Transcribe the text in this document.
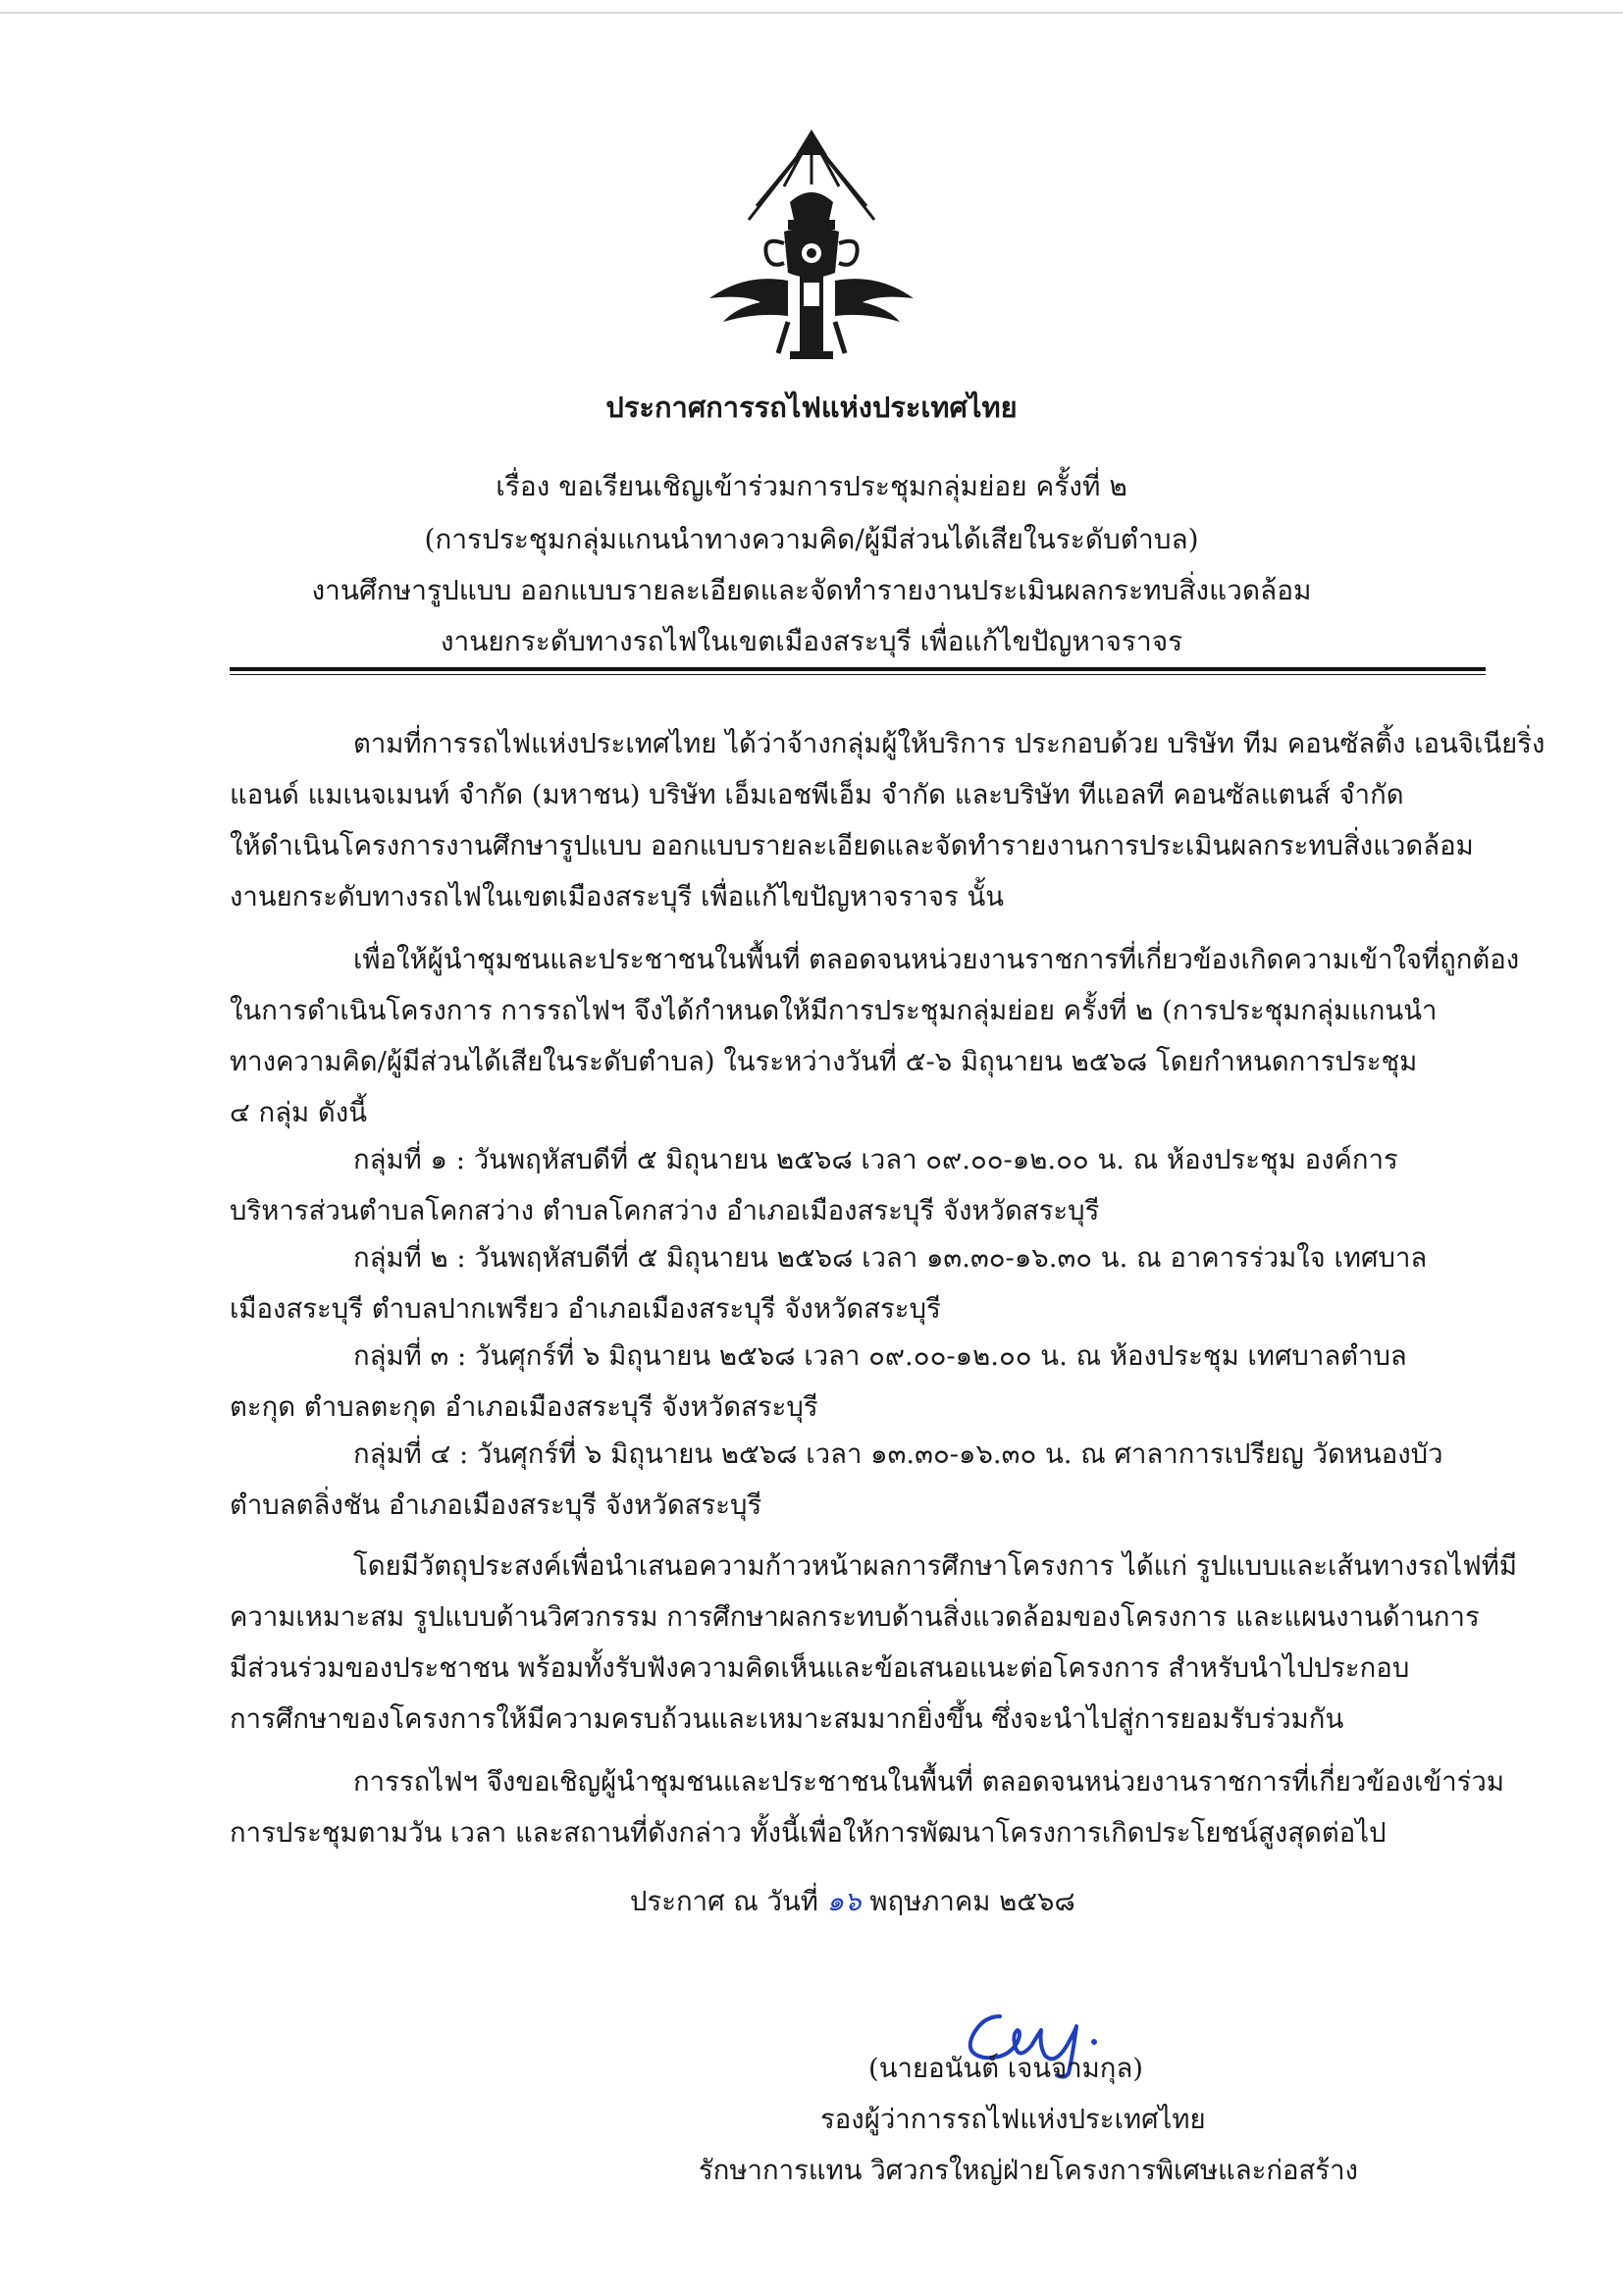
ประกาศการรถไฟแห่งประเทศไทย
เรื่อง ขอเรียนเชิญเข้าร่วมการประชุมกลุ่มย่อย ครั้งที่ ๒
(การประชุมกลุ่มแกนนำทางความคิด/ผู้มีส่วนได้เสียในระดับตำบล)
งานศึกษารูปแบบ ออกแบบรายละเอียดและจัดทำรายงานประเมินผลกระทบสิ่งแวดล้อม
งานยกระดับทางรถไฟในเขตเมืองสระบุรี เพื่อแก้ไขปัญหาจราจร
ตามที่การรถไฟแห่งประเทศไทย ได้ว่าจ้างกลุ่มผู้ให้บริการ ประกอบด้วย บริษัท ทีม คอนซัลติ้ง เอนจิเนียริ่ง
แอนด์ แมเนจเมนท์ จำกัด (มหาชน) บริษัท เอ็มเอชพีเอ็ม จำกัด และบริษัท ทีแอลที คอนซัลแตนส์ จำกัด
ให้ดำเนินโครงการงานศึกษารูปแบบ ออกแบบรายละเอียดและจัดทำรายงานการประเมินผลกระทบสิ่งแวดล้อม
งานยกระดับทางรถไฟในเขตเมืองสระบุรี เพื่อแก้ไขปัญหาจราจร นั้น
เพื่อให้ผู้นำชุมชนและประชาชนในพื้นที่ ตลอดจนหน่วยงานราชการที่เกี่ยวข้องเกิดความเข้าใจที่ถูกต้อง
ในการดำเนินโครงการ การรถไฟฯ จึงได้กำหนดให้มีการประชุมกลุ่มย่อย ครั้งที่ ๒ (การประชุมกลุ่มแกนนำ
ทางความคิด/ผู้มีส่วนได้เสียในระดับตำบล) ในระหว่างวันที่ ๕-๖ มิถุนายน ๒๕๖๘ โดยกำหนดการประชุม
๔ กลุ่ม ดังนี้
กลุ่มที่ ๑ : วันพฤหัสบดีที่ ๕ มิถุนายน ๒๕๖๘ เวลา ๐๙.๐๐-๑๒.๐๐ น. ณ ห้องประชุม องค์การ
บริหารส่วนตำบลโคกสว่าง ตำบลโคกสว่าง อำเภอเมืองสระบุรี จังหวัดสระบุรี
กลุ่มที่ ๒ : วันพฤหัสบดีที่ ๕ มิถุนายน ๒๕๖๘ เวลา ๑๓.๓๐-๑๖.๓๐ น. ณ อาคารร่วมใจ เทศบาล
เมืองสระบุรี ตำบลปากเพรียว อำเภอเมืองสระบุรี จังหวัดสระบุรี
กลุ่มที่ ๓ : วันศุกร์ที่ ๖ มิถุนายน ๒๕๖๘ เวลา ๐๙.๐๐-๑๒.๐๐ น. ณ ห้องประชุม เทศบาลตำบล
ตะกุด ตำบลตะกุด อำเภอเมืองสระบุรี จังหวัดสระบุรี
กลุ่มที่ ๔ : วันศุกร์ที่ ๖ มิถุนายน ๒๕๖๘ เวลา ๑๓.๓๐-๑๖.๓๐ น. ณ ศาลาการเปรียญ วัดหนองบัว
ตำบลตลิ่งชัน อำเภอเมืองสระบุรี จังหวัดสระบุรี
โดยมีวัตถุประสงค์เพื่อนำเสนอความก้าวหน้าผลการศึกษาโครงการ ได้แก่ รูปแบบและเส้นทางรถไฟที่มี
ความเหมาะสม รูปแบบด้านวิศวกรรม การศึกษาผลกระทบด้านสิ่งแวดล้อมของโครงการ และแผนงานด้านการ
มีส่วนร่วมของประชาชน พร้อมทั้งรับฟังความคิดเห็นและข้อเสนอแนะต่อโครงการ สำหรับนำไปประกอบ
การศึกษาของโครงการให้มีความครบถ้วนและเหมาะสมมากยิ่งขึ้น ซึ่งจะนำไปสู่การยอมรับร่วมกัน
การรถไฟฯ จึงขอเชิญผู้นำชุมชนและประชาชนในพื้นที่ ตลอดจนหน่วยงานราชการที่เกี่ยวข้องเข้าร่วม
การประชุมตามวัน เวลา และสถานที่ดังกล่าว ทั้งนี้เพื่อให้การพัฒนาโครงการเกิดประโยชน์สูงสุดต่อไป
ประกาศ ณ วันที่ ๑๖ พฤษภาคม ๒๕๖๘
(นายอนันต์ เจนจามกุล)
รองผู้ว่าการรถไฟแห่งประเทศไทย
รักษาการแทน วิศวกรใหญ่ฝ่ายโครงการพิเศษและก่อสร้าง
